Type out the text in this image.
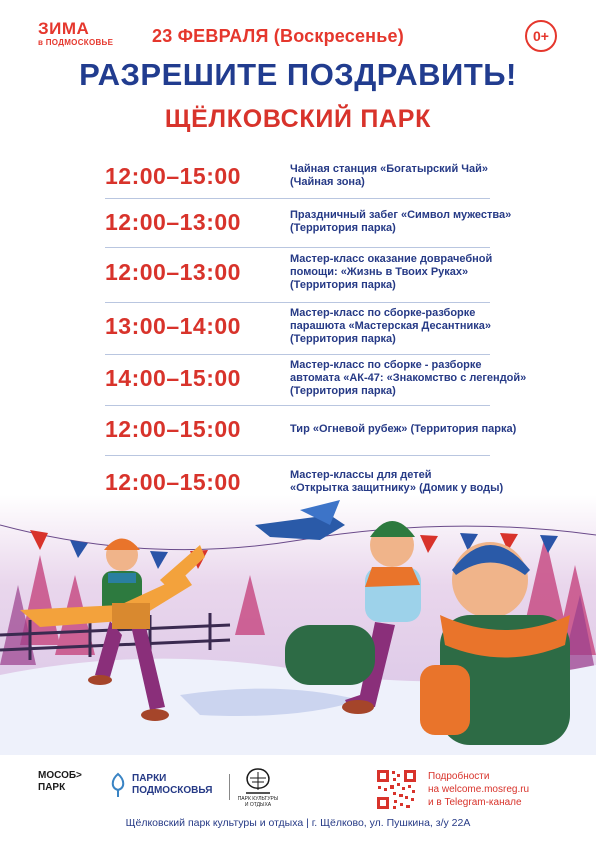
ЗИМА
в ПОДМОСКОВЬЕ 23 ФЕВРАЛЯ (Воскресенье)	0+
РАЗРЕШИТЕ ПОЗДРАВИТЬ!
ЩЁЛКОВСКИЙ ПАРК
12:00–15:00	Чайная станция «Богатырский Чай»
(Чайная зона)
12:00–13:00	Праздничный забег «Символ мужества»
(Территория парка)
12:00–13:00	Мастер-класс оказание доврачебной
помощи: «Жизнь в Твоих Руках»
(Территория парка)
13:00–14:00	Мастер-класс по сборке-разборке
парашюта «Мастерская Десантника»
(Территория парка)
14:00–15:00	Мастер-класс по сборке - разборке
автомата «АК-47: «Знакомство с легендой»
(Территория парка)
12:00–15:00	Тир «Огневой рубеж» (Территория парка)
12:00–15:00	Мастер-классы для детей
«Открытка защитнику» (Домик у воды)
МОСОБ>
ПАРК
ПАРКИ
ПОДМОСКОВЬЯ
ПАРК КУЛЬТУРЫ И ОТДЫХА
Подробности
на welcome.mosreg.ru
и в Telegram-канале
Щёлковский парк культуры и отдыха | г. Щёлково, ул. Пушкина, з/у 22А
